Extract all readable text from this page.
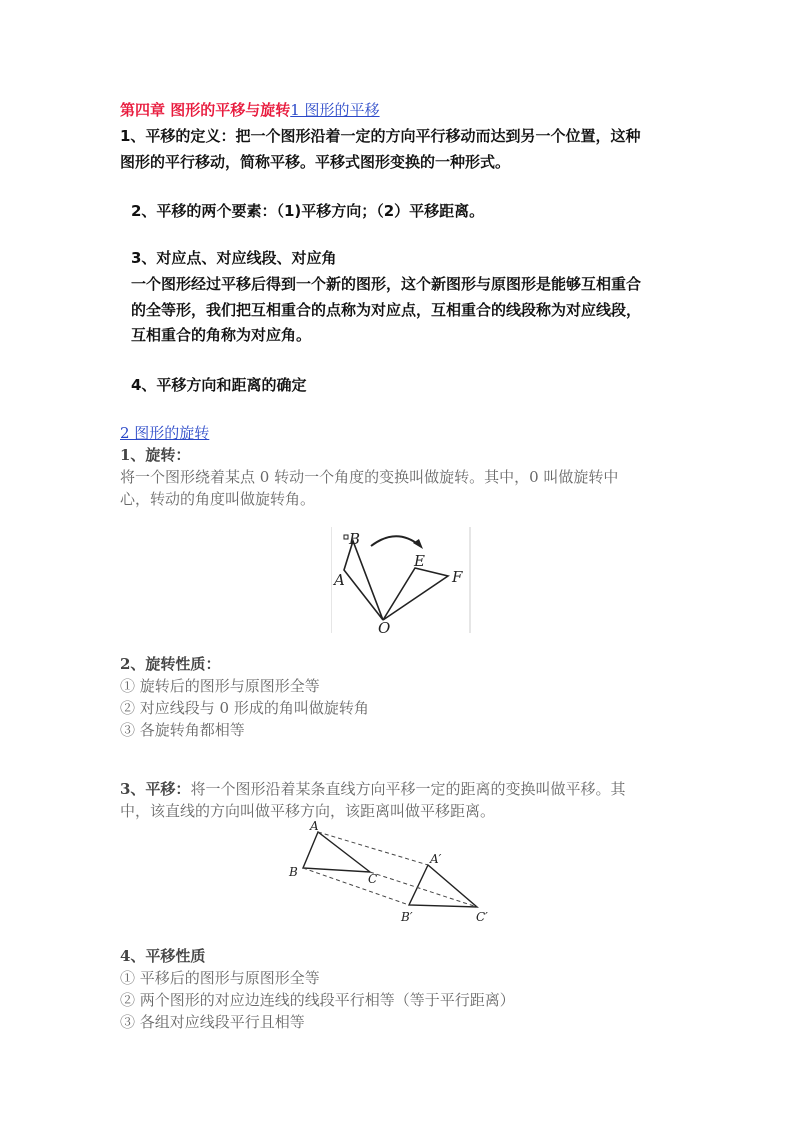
第四章 图形的平移与旋转1 图形的平移
1、平移的定义：把一个图形沿着一定的方向平行移动而达到另一个位置，这种
图形的平行移动，简称平移。平移式图形变换的一种形式。
2、平移的两个要素：（1)平移方向；（2）平移距离。
3、对应点、对应线段、对应角
一个图形经过平移后得到一个新的图形，这个新图形与原图形是能够互相重合
的全等形，我们把互相重合的点称为对应点，互相重合的线段称为对应线段，
互相重合的角称为对应角。
4、平移方向和距离的确定
2 图形的旋转
1、旋转：
将一个图形绕着某点 0 转动一个角度的变换叫做旋转。其中，0 叫做旋转中
心，转动的角度叫做旋转角。
B
A
E
F
O
2、旋转性质：
① 旋转后的图形与原图形全等
② 对应线段与 0 形成的角叫做旋转角
③ 各旋转角都相等
3、平移：将一个图形沿着某条直线方向平移一定的距离的变换叫做平移。其
中，该直线的方向叫做平移方向，该距离叫做平移距离。
A
B	C
A′
B′	C′
4、平移性质
① 平移后的图形与原图形全等
② 两个图形的对应边连线的线段平行相等（等于平行距离）
③ 各组对应线段平行且相等
